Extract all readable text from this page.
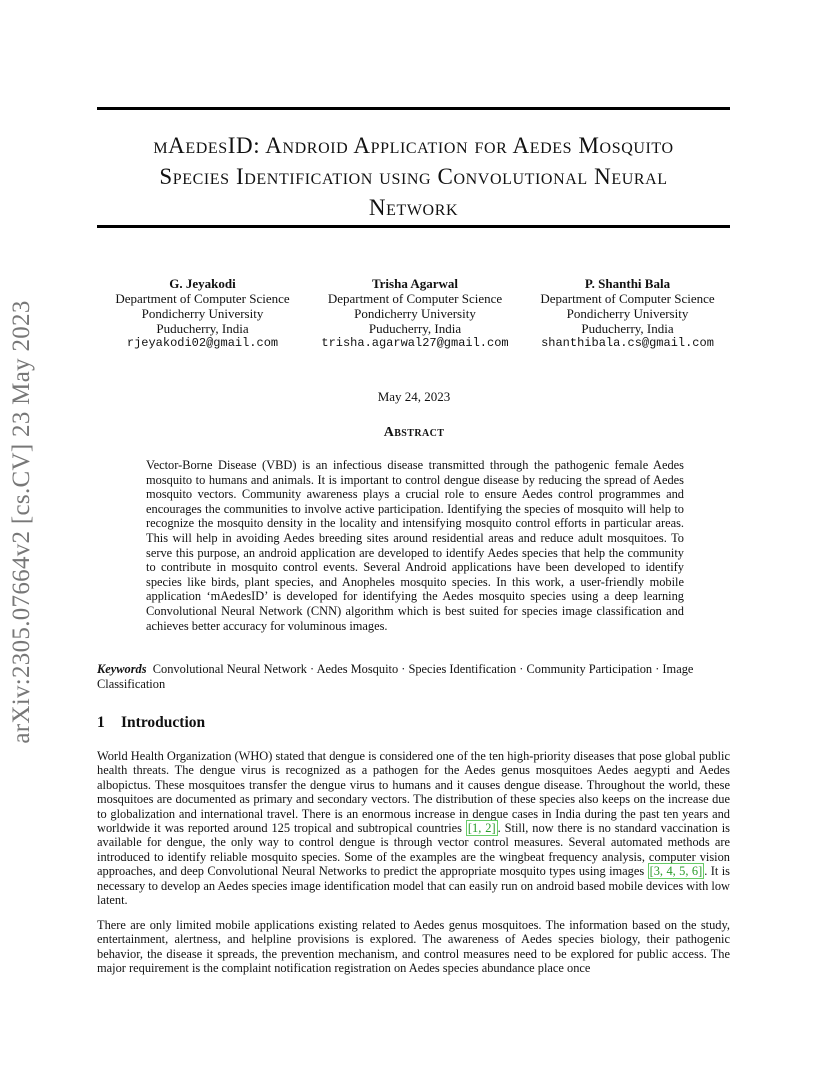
arXiv:2305.07664v2 [cs.CV] 23 May 2023
mAedesID: Android Application for Aedes Mosquito
Species Identification using Convolutional Neural
Network
G. Jeyakodi
Department of Computer Science
Pondicherry University
Puducherry, India
rjeyakodi02@gmail.com
Trisha Agarwal
Department of Computer Science
Pondicherry University
Puducherry, India
trisha.agarwal27@gmail.com
P. Shanthi Bala
Department of Computer Science
Pondicherry University
Puducherry, India
shanthibala.cs@gmail.com
May 24, 2023
Abstract
Vector-Borne Disease (VBD) is an infectious disease transmitted through the pathogenic female Aedes mosquito to humans and animals. It is important to control dengue disease by reducing the spread of Aedes mosquito vectors. Community awareness plays a crucial role to ensure Aedes control programmes and encourages the communities to involve active participation. Identifying the species of mosquito will help to recognize the mosquito density in the locality and intensifying mosquito control efforts in particular areas. This will help in avoiding Aedes breeding sites around residential areas and reduce adult mosquitoes. To serve this purpose, an android application are developed to identify Aedes species that help the community to contribute in mosquito control events. Several Android applications have been developed to identify species like birds, plant species, and Anopheles mosquito species. In this work, a user-friendly mobile application ‘mAedesID’ is developed for identifying the Aedes mosquito species using a deep learning Convolutional Neural Network (CNN) algorithm which is best suited for species image classification and achieves better accuracy for voluminous images.
Keywords Convolutional Neural Network · Aedes Mosquito · Species Identification · Community Participation · Image Classification
1 Introduction

World Health Organization (WHO) stated that dengue is considered one of the ten high-priority diseases that pose global public health threats. The dengue virus is recognized as a pathogen for the Aedes genus mosquitoes Aedes aegypti and Aedes albopictus. These mosquitoes transfer the dengue virus to humans and it causes dengue disease. Throughout the world, these mosquitoes are documented as primary and secondary vectors. The distribution of these species also keeps on the increase due to globalization and international travel. There is an enormous increase in dengue cases in India during the past ten years and worldwide it was reported around 125 tropical and subtropical countries [1, 2] . Still, now there is no standard vaccination is available for dengue, the only way to control dengue is through vector control measures. Several automated methods are introduced to identify reliable mosquito species. Some of the examples are the wingbeat frequency analysis, computer vision approaches, and deep Convolutional Neural Networks to predict the appropriate mosquito types using images [3, 4, 5, 6] . It is necessary to develop an Aedes species image identification model that can easily run on android based mobile devices with low latent.

There are only limited mobile applications existing related to Aedes genus mosquitoes. The information based on the study, entertainment, alertness, and helpline provisions is explored. The awareness of Aedes species biology, their pathogenic behavior, the disease it spreads, the prevention mechanism, and control measures need to be explored for public access. The major requirement is the complaint notification registration on Aedes species abundance place once
